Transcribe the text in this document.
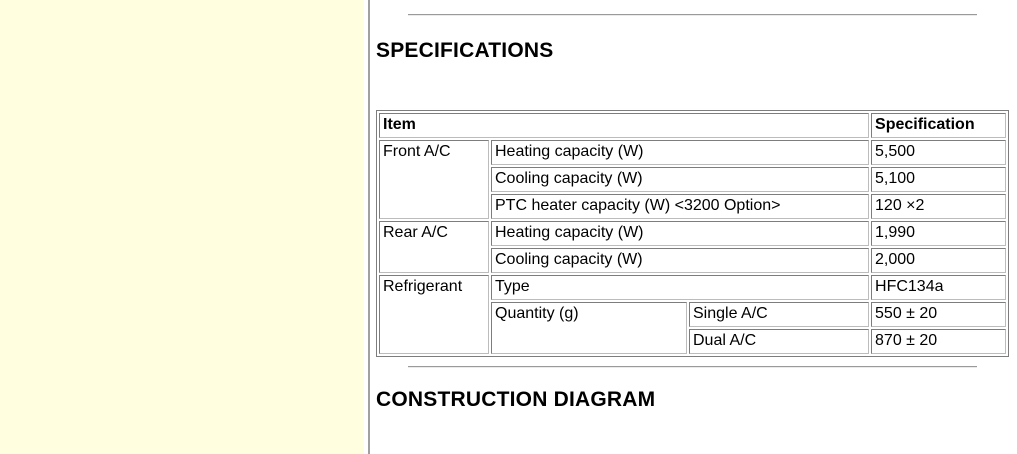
SPECIFICATIONS
Item			Specification
Front A/C	Heating capacity (W)		5,500
	Cooling capacity (W)		5,100
	PTC heater capacity (W) <3200 Option>		120 ×2
Rear A/C	Heating capacity (W)		1,990
	Cooling capacity (W)		2,000
Refrigerant	Type		HFC134a
	Quantity (g)	Single A/C	550 ± 20
		Dual A/C	870 ± 20
CONSTRUCTION DIAGRAM
